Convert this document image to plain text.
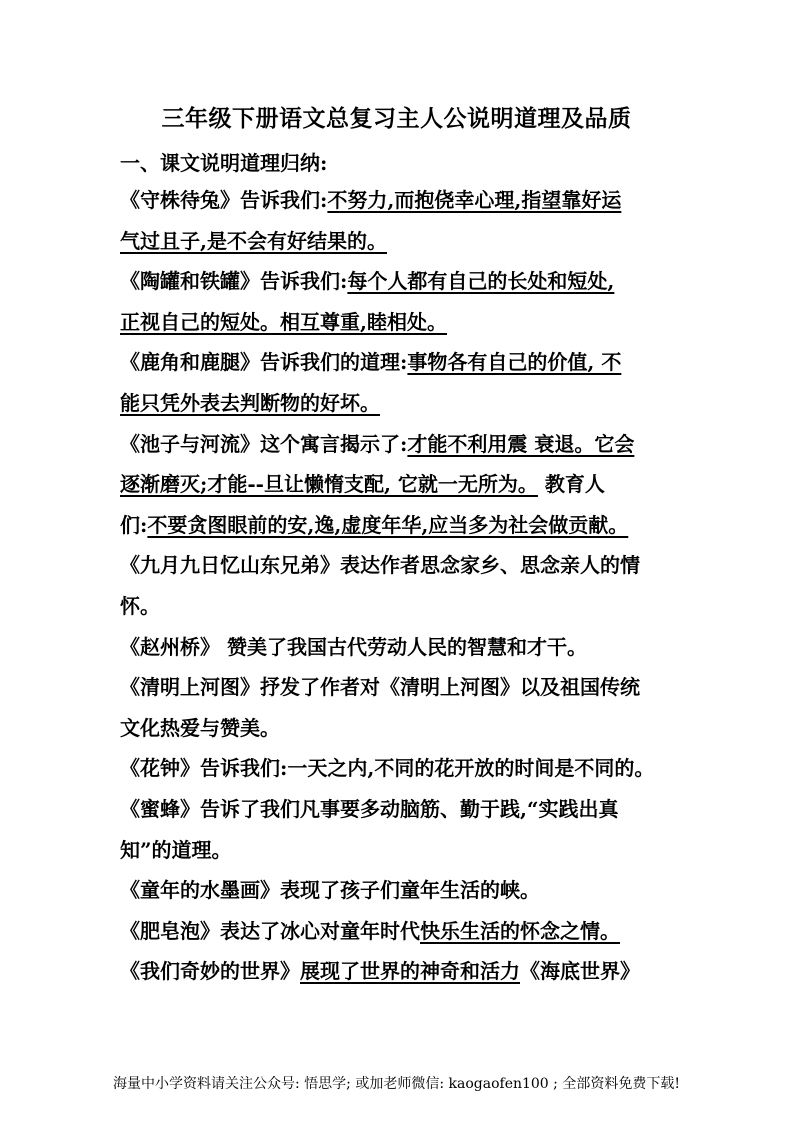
三年级下册语文总复习主人公说明道理及品质
一、课文说明道理归纳:
《守株待兔》告诉我们:不努力,而抱侥幸心理,指望靠好运
气过且子,是不会有好结果的。
《陶罐和铁罐》告诉我们:每个人都有自己的长处和短处,
正视自己的短处。相互尊重,睦相处。
《鹿角和鹿腿》告诉我们的道理:事物各有自己的价值, 不
能只凭外表去判断物的好坏。
《池子与河流》这个寓言揭示了:才能不利用震 衰退。它会
逐渐磨灭;才能--旦让懒惰支配, 它就一无所为。 教育人
们:不要贪图眼前的安,逸,虚度年华,应当多为社会做贡献。
《九月九日忆山东兄弟》表达作者思念家乡、思念亲人的情
怀。
《赵州桥》 赞美了我国古代劳动人民的智慧和才干。
《清明上河图》抒发了作者对《清明上河图》以及祖国传统
文化热爱与赞美。
《花钟》告诉我们:一天之内,不同的花开放的时间是不同的。
《蜜蜂》告诉了我们凡事要多动脑筋、勤于践,“实践出真
知”的道理。
《童年的水墨画》表现了孩子们童年生活的峡。
《肥皂泡》表达了冰心对童年时代快乐生活的怀念之情。
《我们奇妙的世界》展现了世界的神奇和活力《海底世界》
海量中小学资料请关注公众号: 悟思学; 或加老师微信: kaogaofen100 ; 全部资料免费下载!
